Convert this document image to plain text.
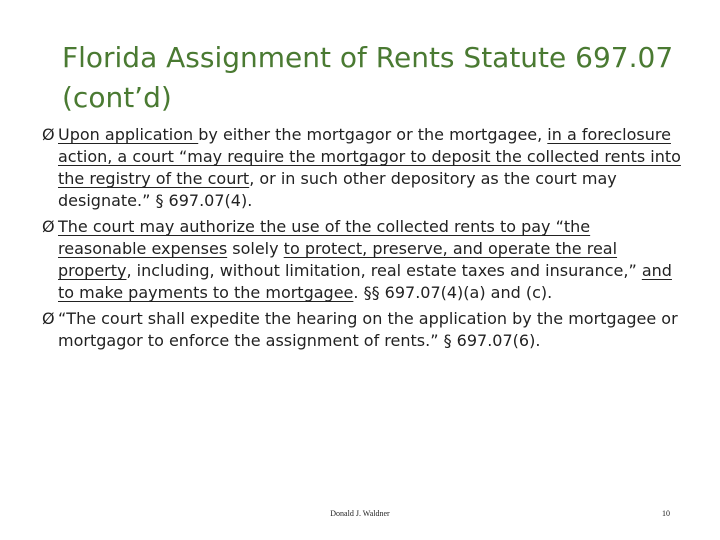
Florida Assignment of Rents Statute 697.07
(cont’d)
Ø Upon application by either the mortgagor or the mortgagee, in a foreclosure action, a court “may require the mortgagor to deposit the collected rents into the registry of the court, or in such other depository as the court may designate.” § 697.07(4).
Ø The court may authorize the use of the collected rents to pay “the reasonable expenses solely to protect, preserve, and operate the real property, including, without limitation, real estate taxes and insurance,” and to make payments to the mortgagee. §§ 697.07(4)(a) and (c).
Ø “The court shall expedite the hearing on the application by the mortgagee or mortgagor to enforce the assignment of rents.” § 697.07(6).
Donald J. Waldner	10
